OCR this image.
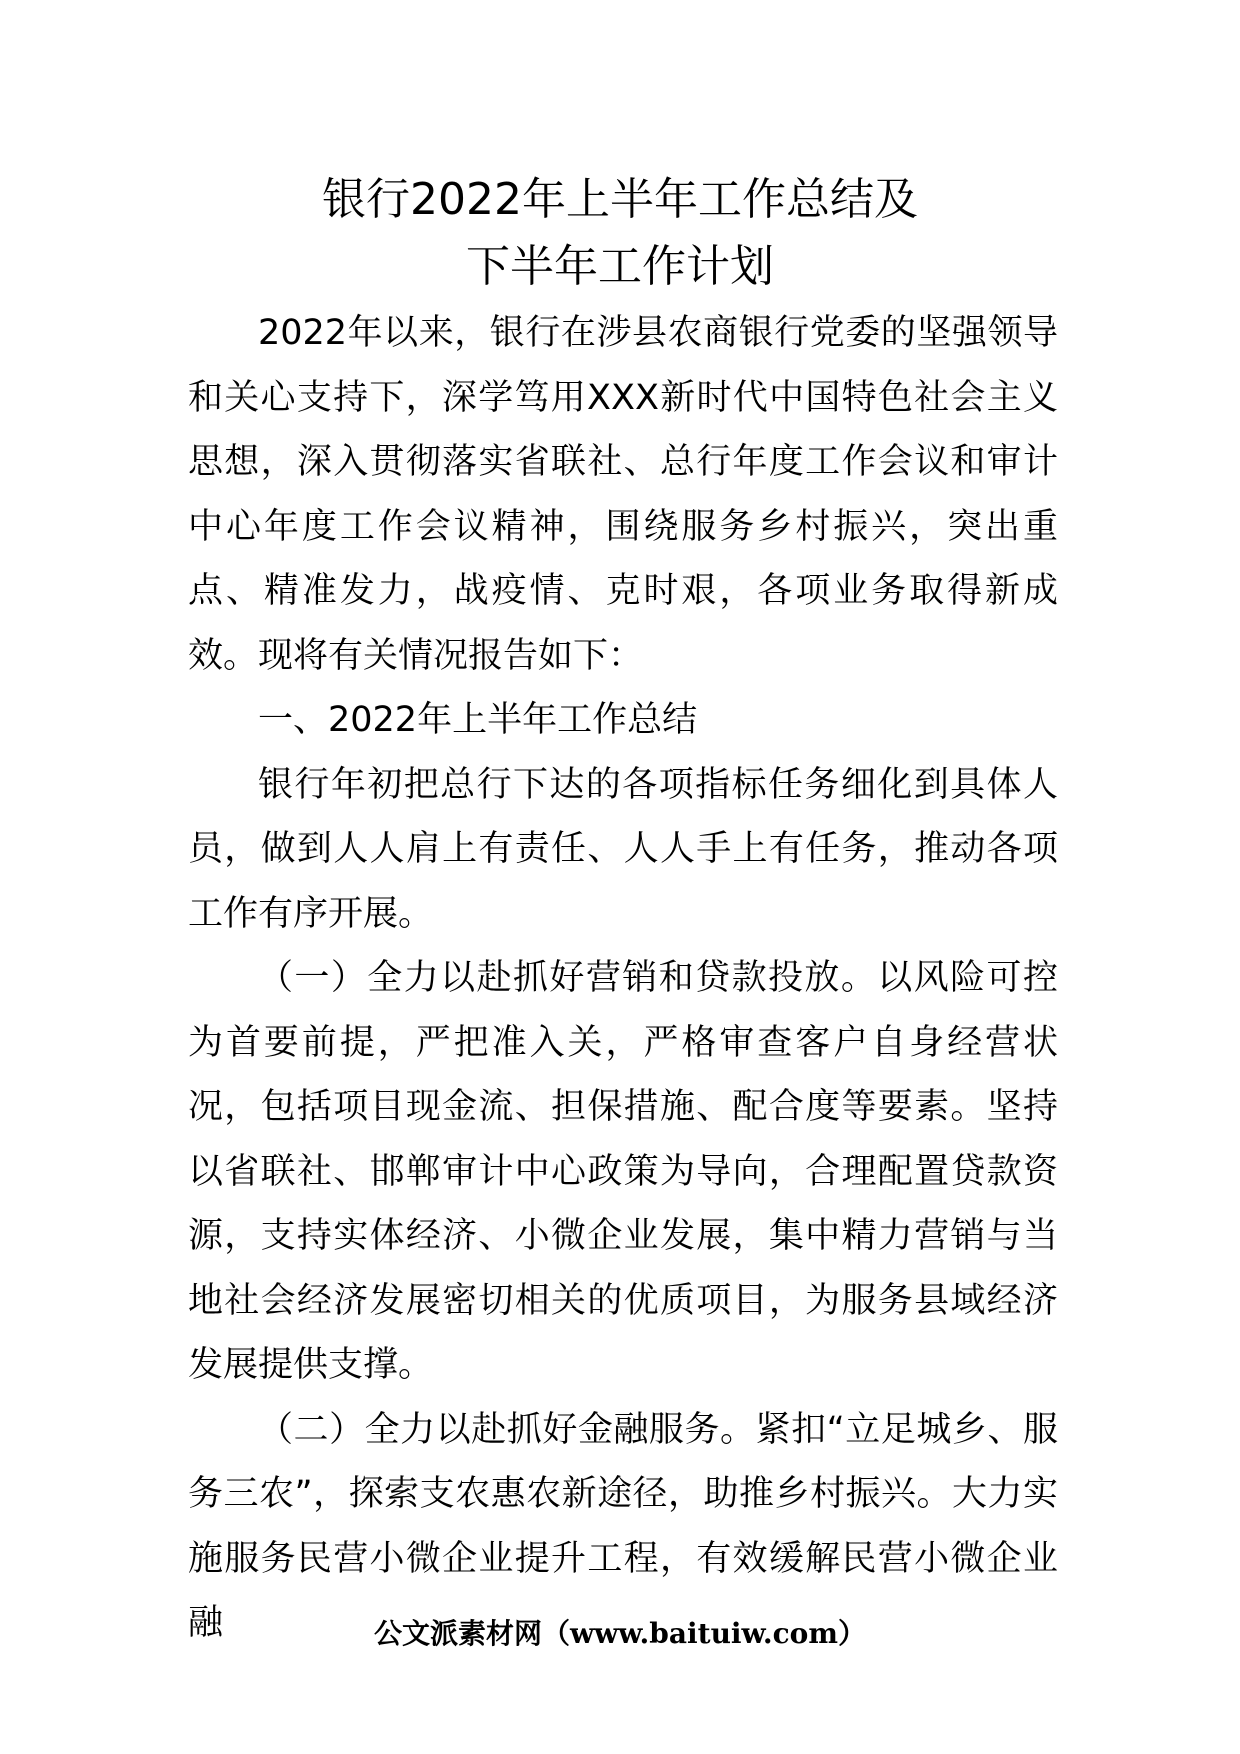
银行2022年上半年工作总结及
下半年工作计划

2022年以来，银行在涉县农商银行党委的坚强领导和关心支持下，深学笃用XXX新时代中国特色社会主义思想，深入贯彻落实省联社、总行年度工作会议和审计中心年度工作会议精神，围绕服务乡村振兴，突出重点、精准发力，战疫情、克时艰，各项业务取得新成效。现将有关情况报告如下：

一、2022年上半年工作总结

银行年初把总行下达的各项指标任务细化到具体人员，做到人人肩上有责任、人人手上有任务，推动各项工作有序开展。

（一）全力以赴抓好营销和贷款投放。以风险可控为首要前提，严把准入关，严格审查客户自身经营状况，包括项目现金流、担保措施、配合度等要素。坚持以省联社、邯郸审计中心政策为导向，合理配置贷款资源，支持实体经济、小微企业发展，集中精力营销与当地社会经济发展密切相关的优质项目，为服务县域经济发展提供支撑。

（二）全力以赴抓好金融服务。紧扣“立足城乡、服务三农”，探索支农惠农新途径，助推乡村振兴。大力实施服务民营小微企业提升工程，有效缓解民营小微企业融	公文派素材网（www.baituiw.com）
